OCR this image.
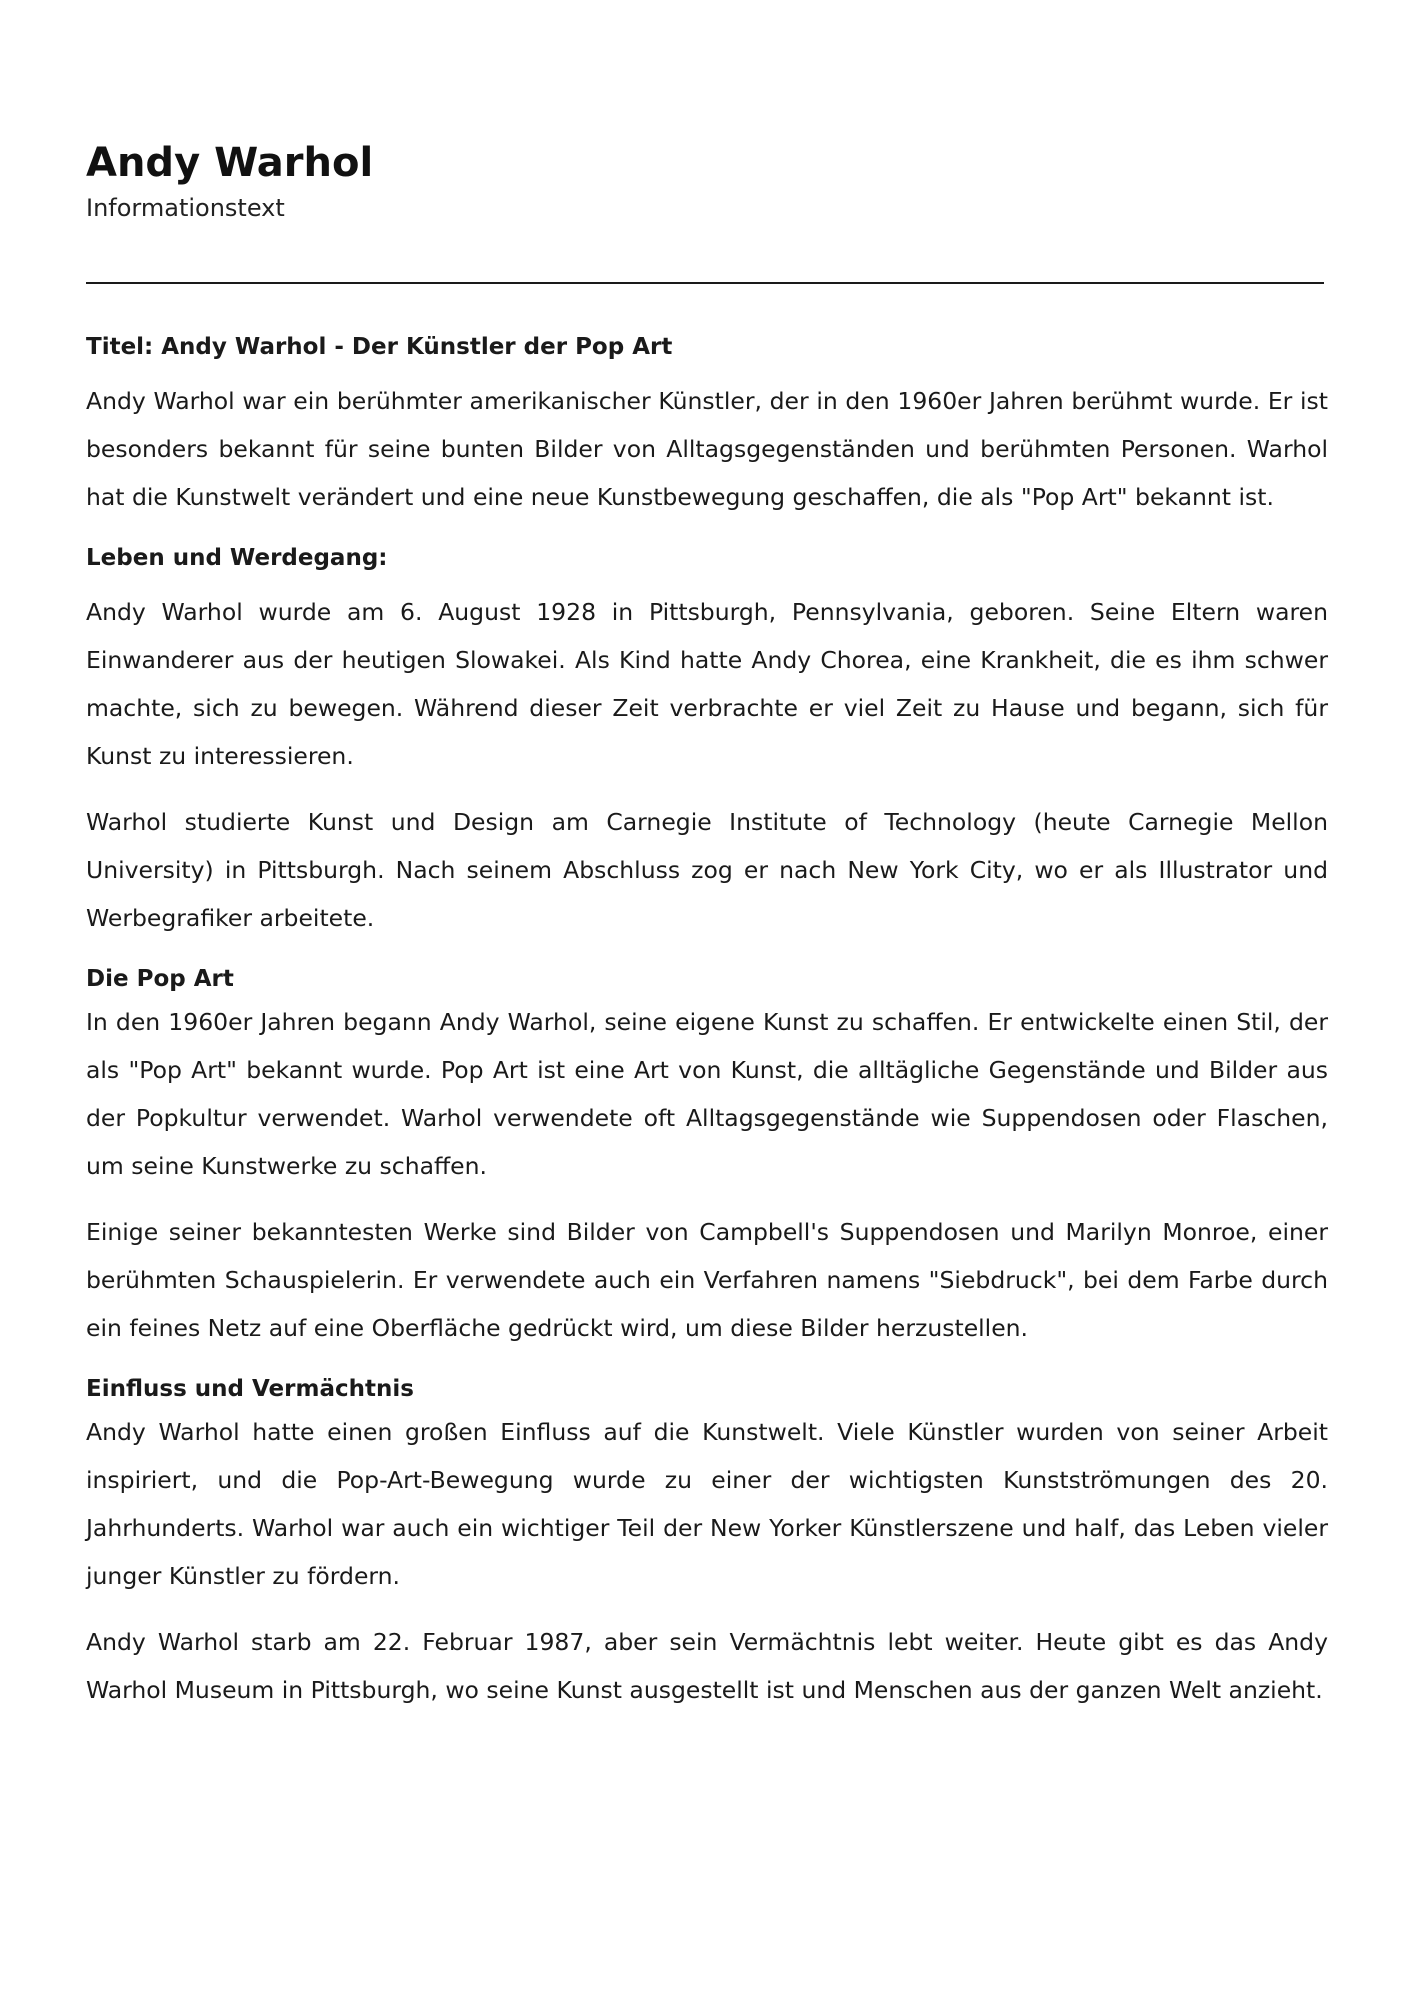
Andy Warhol

Informationstext

Titel: Andy Warhol - Der Künstler der Pop Art

Andy Warhol war ein berühmter amerikanischer Künstler, der in den 1960er Jahren berühmt wurde. Er ist besonders bekannt für seine bunten Bilder von Alltagsgegenständen und berühmten Personen. Warhol hat die Kunstwelt verändert und eine neue Kunstbewegung geschaffen, die als "Pop Art" bekannt ist.

Leben und Werdegang:

Andy Warhol wurde am 6. August 1928 in Pittsburgh, Pennsylvania, geboren. Seine Eltern waren Einwanderer aus der heutigen Slowakei. Als Kind hatte Andy Chorea, eine Krankheit, die es ihm schwer machte, sich zu bewegen. Während dieser Zeit verbrachte er viel Zeit zu Hause und begann, sich für Kunst zu interessieren.

Warhol studierte Kunst und Design am Carnegie Institute of Technology (heute Carnegie Mellon University) in Pittsburgh. Nach seinem Abschluss zog er nach New York City, wo er als Illustrator und Werbegrafiker arbeitete.

Die Pop Art

In den 1960er Jahren begann Andy Warhol, seine eigene Kunst zu schaffen. Er entwickelte einen Stil, der als "Pop Art" bekannt wurde. Pop Art ist eine Art von Kunst, die alltägliche Gegenstände und Bilder aus der Popkultur verwendet. Warhol verwendete oft Alltagsgegenstände wie Suppendosen oder Flaschen, um seine Kunstwerke zu schaffen.

Einige seiner bekanntesten Werke sind Bilder von Campbell's Suppendosen und Marilyn Monroe, einer berühmten Schauspielerin. Er verwendete auch ein Verfahren namens "Siebdruck", bei dem Farbe durch ein feines Netz auf eine Oberfläche gedrückt wird, um diese Bilder herzustellen.

Einfluss und Vermächtnis

Andy Warhol hatte einen großen Einfluss auf die Kunstwelt. Viele Künstler wurden von seiner Arbeit inspiriert, und die Pop-Art-Bewegung wurde zu einer der wichtigsten Kunstströmungen des 20. Jahrhunderts. Warhol war auch ein wichtiger Teil der New Yorker Künstlerszene und half, das Leben vieler junger Künstler zu fördern.

Andy Warhol starb am 22. Februar 1987, aber sein Vermächtnis lebt weiter. Heute gibt es das Andy Warhol Museum in Pittsburgh, wo seine Kunst ausgestellt ist und Menschen aus der ganzen Welt anzieht.
